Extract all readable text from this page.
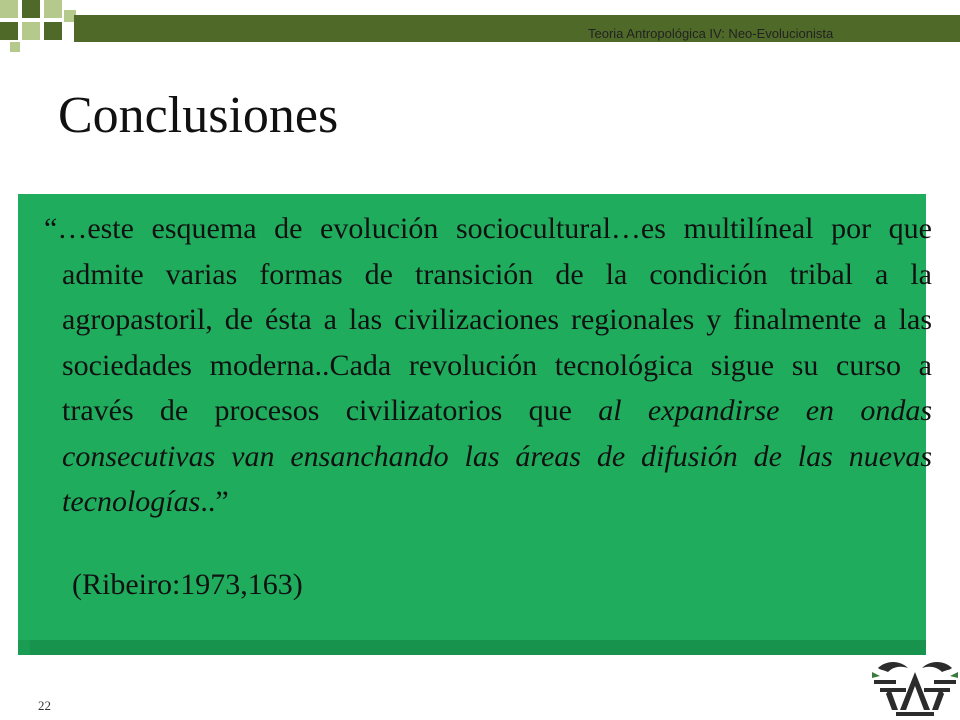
Teoria Antropológica IV: Neo-Evolucionista
Conclusiones

“…este esquema de evolución sociocultural…es multilíneal por que admite varias formas de transición de la condición tribal a la agropastoril, de ésta a las civilizaciones regionales y finalmente a las sociedades moderna..Cada revolución tecnológica sigue su curso a través de procesos civilizatorios que al expandirse en ondas consecutivas van ensanchando las áreas de difusión de las nuevas tecnologías..”

(Ribeiro:1973,163)
22
